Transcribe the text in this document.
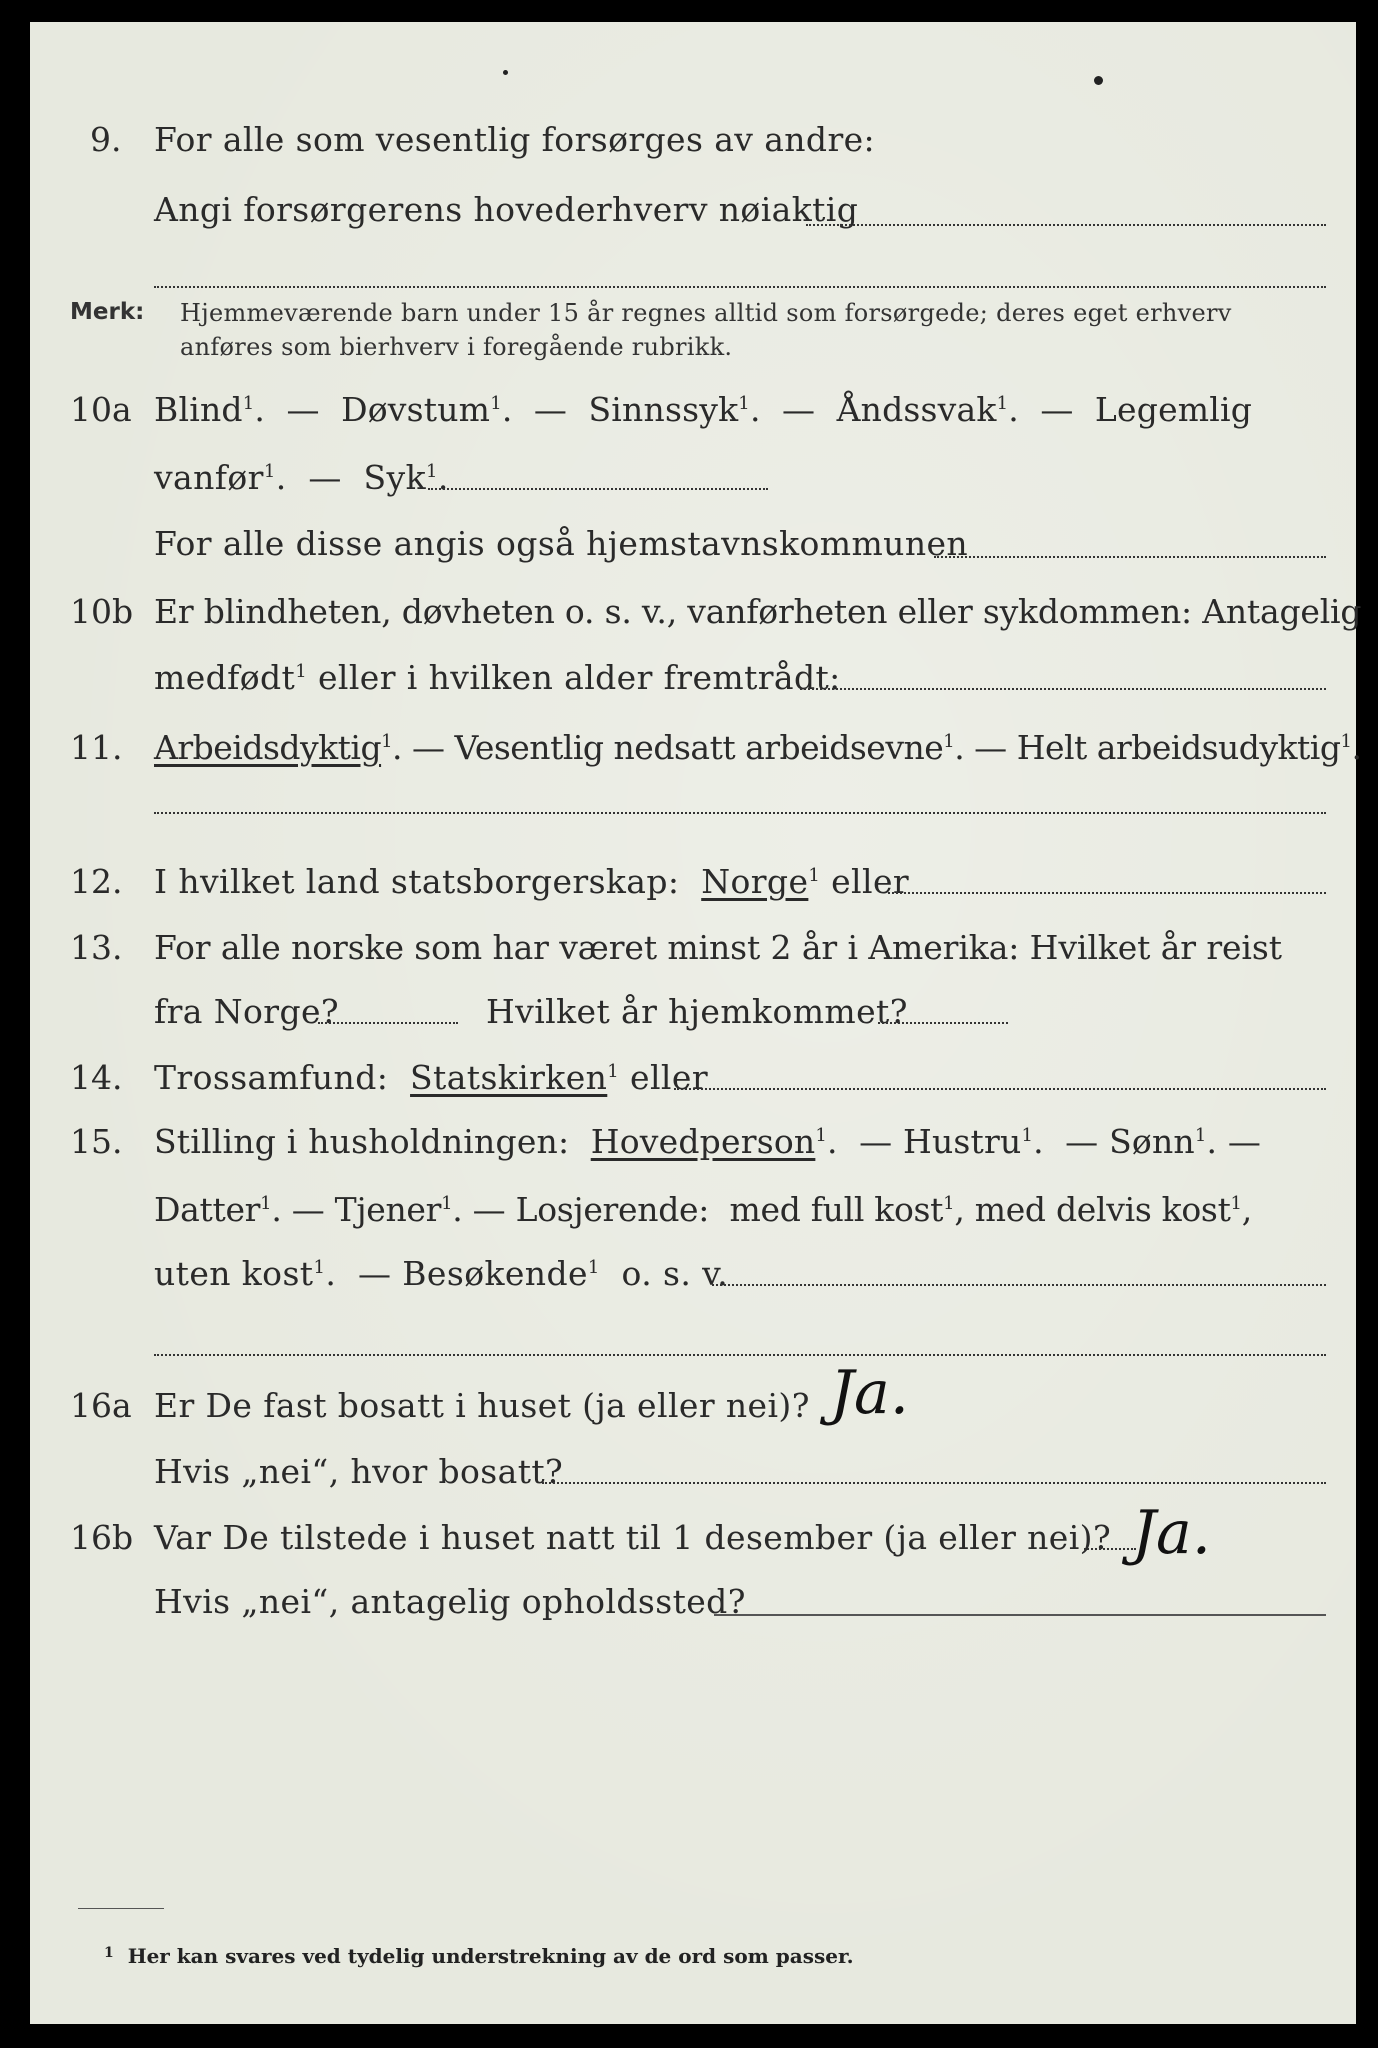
9. For alle som vesentlig forsørges av andre:
Angi forsørgerens hovederhverv nøiaktig
Merk: Hjemmeværende barn under 15 år regnes alltid som forsørgede; deres eget erhverv
anføres som bierhverv i foregående rubrikk.
10a Blind$^1$.  —  Døvstum$^1$.  —  Sinnssyk$^1$.  —  Åndssvak$^1$.  —  Legemlig
vanfør$^1$.  —  Syk$^1$.
For alle disse angis også hjemstavnskommunen
10b Er blindheten, døvheten o. s. v., vanførheten eller sykdommen: Antagelig
medfødt$^1$ eller i hvilken alder fremtrådt:
11. Arbeidsdyktig$^1$. — Vesentlig nedsatt arbeidsevne$^1$. — Helt arbeidsudyktig$^1$.
12. I hvilket land statsborgerskap: Norge$^1$ eller
13. For alle norske som har været minst 2 år i Amerika: Hvilket år reist
fra Norge?	Hvilket år hjemkommet?
14. Trossamfund: Statskirken$^1$ eller
15. Stilling i husholdningen: Hovedperson$^1$.  — Hustru$^1$.  — Sønn$^1$. —
Datter$^1$. — Tjener$^1$. — Losjerende: med full kost$^1$, med delvis kost$^1$,
uten kost$^1$.  — Besøkende$^1$ o. s. v.
16a Er De fast bosatt i huset (ja eller nei)? Ja.
Hvis „nei“, hvor bosatt?
16b Var De tilstede i huset natt til 1 desember (ja eller nei)? Ja.
Hvis „nei“, antagelig opholdssted?
$^1$ Her kan svares ved tydelig understrekning av de ord som passer.
